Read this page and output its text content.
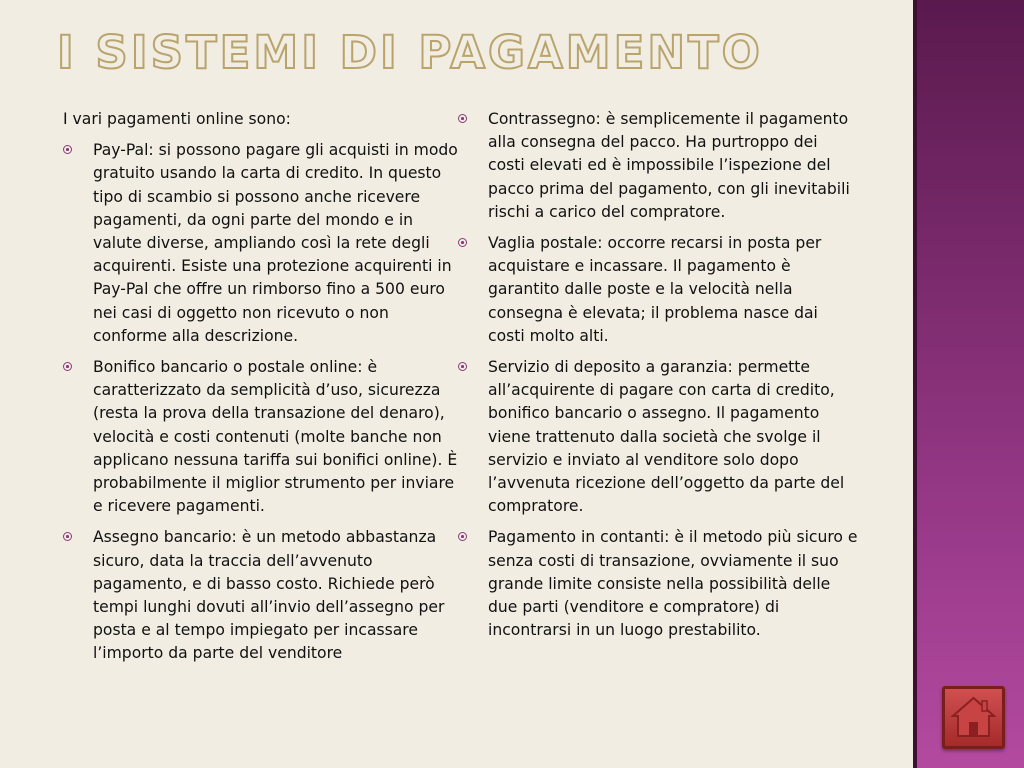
I SISTEMI DI PAGAMENTO

I vari pagamenti online sono:

Pay-Pal: si possono pagare gli acquisti in modo gratuito usando la carta di credito. In questo tipo di scambio si possono anche ricevere pagamenti, da ogni parte del mondo e in valute diverse, ampliando così la rete degli acquirenti. Esiste una protezione acquirenti in Pay-Pal che offre un rimborso fino a 500 euro nei casi di oggetto non ricevuto o non conforme alla descrizione.
Bonifico bancario o postale online: è caratterizzato da semplicità d’uso, sicurezza (resta la prova della transazione del denaro), velocità e costi contenuti (molte banche non applicano nessuna tariffa sui bonifici online). È probabilmente il miglior strumento per inviare e ricevere pagamenti.
Assegno bancario: è un metodo abbastanza sicuro, data la traccia dell’avvenuto pagamento, e di basso costo. Richiede però tempi lunghi dovuti all’invio dell’assegno per posta e al tempo impiegato per incassare l’importo da parte del venditore
Contrassegno: è semplicemente il pagamento alla consegna del pacco. Ha purtroppo dei costi elevati ed è impossibile l’ispezione del pacco prima del pagamento, con gli inevitabili rischi a carico del compratore.
Vaglia postale: occorre recarsi in posta per acquistare e incassare. Il pagamento è garantito dalle poste e la velocità nella consegna è elevata; il problema nasce dai costi molto alti.
Servizio di deposito a garanzia: permette all’acquirente di pagare con carta di credito, bonifico bancario o assegno. Il pagamento viene trattenuto dalla società che svolge il servizio e inviato al venditore solo dopo l’avvenuta ricezione dell’oggetto da parte del compratore.
Pagamento in contanti: è il metodo più sicuro e senza costi di transazione, ovviamente il suo grande limite consiste nella possibilità delle due parti (venditore e compratore) di incontrarsi in un luogo prestabilito.
